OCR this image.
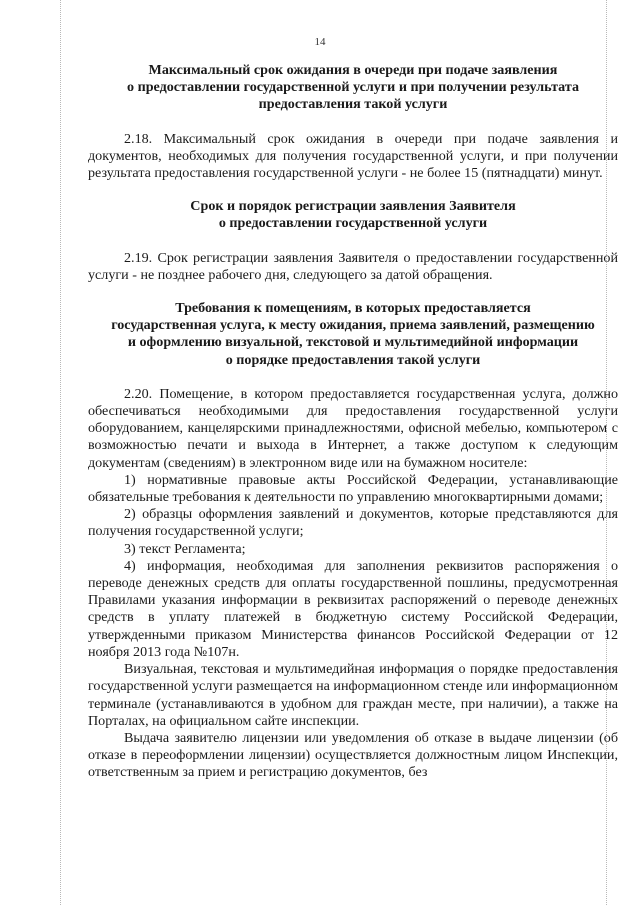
14
Максимальный срок ожидания в очереди при подаче заявления
о предоставлении государственной услуги и при получении результата
предоставления такой услуги

2.18. Максимальный срок ожидания в очереди при подаче заявления и документов, необходимых для получения государственной услуги, и при получении результата предоставления государственной услуги - не более 15 (пятнадцати) минут.

Срок и порядок регистрации заявления Заявителя
о предоставлении государственной услуги

2.19. Срок регистрации заявления Заявителя о предоставлении государственной услуги - не позднее рабочего дня, следующего за датой обращения.

Требования к помещениям, в которых предоставляется
государственная услуга, к месту ожидания, приема заявлений, размещению
и оформлению визуальной, текстовой и мультимедийной информации
о порядке предоставления такой услуги

2.20. Помещение, в котором предоставляется государственная услуга, должно обеспечиваться необходимыми для предоставления государственной услуги оборудованием, канцелярскими принадлежностями, офисной мебелью, компьютером с возможностью печати и выхода в Интернет, а также доступом к следующим документам (сведениям) в электронном виде или на бумажном носителе:

1) нормативные правовые акты Российской Федерации, устанавливающие обязательные требования к деятельности по управлению многоквартирными домами;

2) образцы оформления заявлений и документов, которые представляются для получения государственной услуги;

3) текст Регламента;

4) информация, необходимая для заполнения реквизитов распоряжения о переводе денежных средств для оплаты государственной пошлины, предусмотренная Правилами указания информации в реквизитах распоряжений о переводе денежных средств в уплату платежей в бюджетную систему Российской Федерации, утвержденными приказом Министерства финансов Российской Федерации от 12 ноября 2013 года №107н.

Визуальная, текстовая и мультимедийная информация о порядке предоставления государственной услуги размещается на информационном стенде или информационном терминале (устанавливаются в удобном для граждан месте, при наличии), а также на Порталах, на официальном сайте инспекции.

Выдача заявителю лицензии или уведомления об отказе в выдаче лицензии (об отказе в переоформлении лицензии) осуществляется должностным лицом Инспекции, ответственным за прием и регистрацию документов, без
